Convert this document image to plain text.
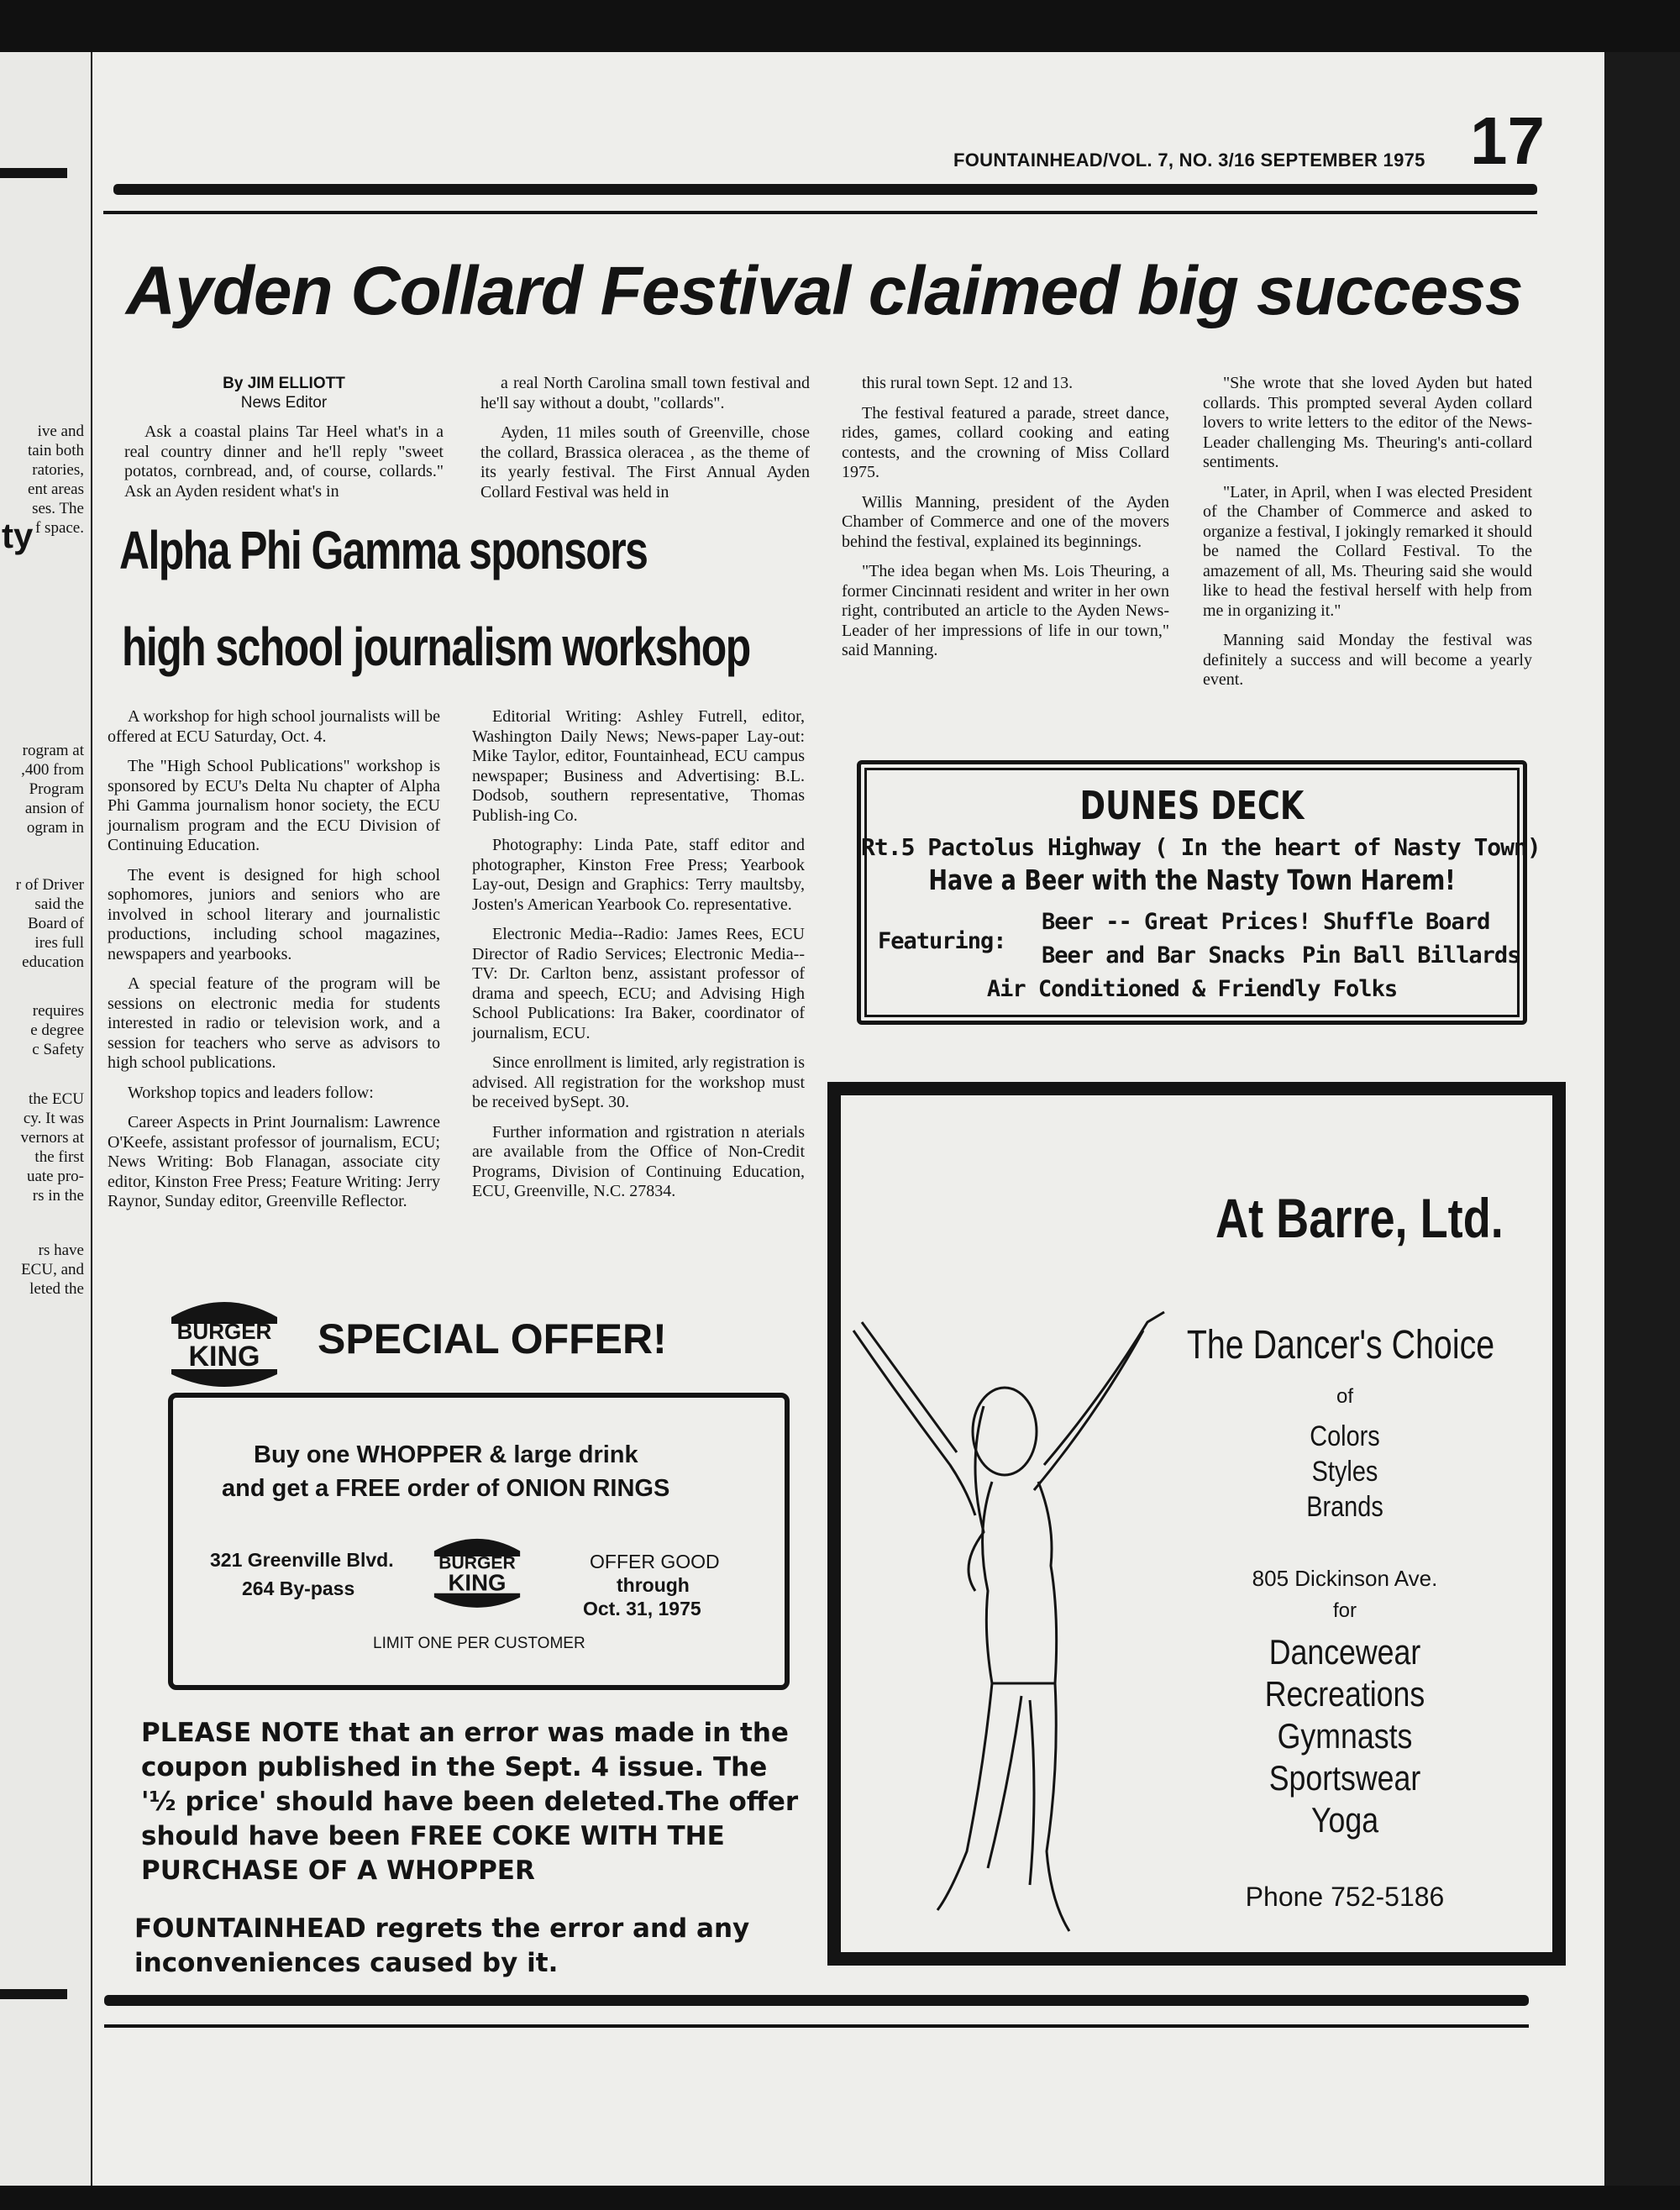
ive and
tain both
ratories,
ent areas
ses. The
f space.
ty
rogram at
,400 from
Program
ansion of
ogram in
r of Driver
said the
Board of
ires full
education
requires
e degree
c Safety
the ECU
cy. It was
vernors at
the first
uate pro-
rs in the
rs have
ECU, and
leted the
FOUNTAINHEAD/VOL. 7, NO. 3/16 SEPTEMBER 1975 17
Ayden Collard Festival claimed big success
By JIM ELLIOTT
News Editor

Ask a coastal plains Tar Heel what's in a real country dinner and he'll reply "sweet potatos, cornbread, and, of course, collards." Ask an Ayden resident what's in

a real North Carolina small town festival and he'll say without a doubt, "collards".

Ayden, 11 miles south of Greenville, chose the collard, Brassica oleracea , as the theme of its yearly festival. The First Annual Ayden Collard Festival was held in

this rural town Sept. 12 and 13.

The festival featured a parade, street dance, rides, games, collard cooking and eating contests, and the crowning of Miss Collard 1975.

Willis Manning, president of the Ayden Chamber of Commerce and one of the movers behind the festival, explained its beginnings.

"The idea began when Ms. Lois Theuring, a former Cincinnati resident and writer in her own right, contributed an article to the Ayden News-Leader of her impressions of life in our town," said Manning.

"She wrote that she loved Ayden but hated collards. This prompted several Ayden collard lovers to write letters to the editor of the News-Leader challenging Ms. Theuring's anti-collard sentiments.

"Later, in April, when I was elected President of the Chamber of Commerce and asked to organize a festival, I jokingly remarked it should be named the Collard Festival. To the amazement of all, Ms. Theuring said she would like to head the festival herself with help from me in organizing it."

Manning said Monday the festival was definitely a success and will become a yearly event.

Alpha Phi Gamma sponsors
high school journalism workshop

A workshop for high school journalists will be offered at ECU Saturday, Oct. 4.

The "High School Publications" workshop is sponsored by ECU's Delta Nu chapter of Alpha Phi Gamma journalism honor society, the ECU journalism program and the ECU Division of Continuing Education.

The event is designed for high school sophomores, juniors and seniors who are involved in school literary and journalistic productions, including school magazines, newspapers and yearbooks.

A special feature of the program will be sessions on electronic media for students interested in radio or television work, and a session for teachers who serve as advisors to high school publications.

Workshop topics and leaders follow:

Career Aspects in Print Journalism: Lawrence O'Keefe, assistant professor of journalism, ECU; News Writing: Bob Flanagan, associate city editor, Kinston Free Press; Feature Writing: Jerry Raynor, Sunday editor, Greenville Reflector.

Editorial Writing: Ashley Futrell, editor, Washington Daily News; News-paper Lay-out: Mike Taylor, editor, Fountainhead, ECU campus newspaper; Business and Advertising: B.L. Dodsob, southern representative, Thomas Publish-ing Co.

Photography: Linda Pate, staff editor and photographer, Kinston Free Press; Yearbook Lay-out, Design and Graphics: Terry maultsby, Josten's American Yearbook Co. representative.

Electronic Media--Radio: James Rees, ECU Director of Radio Services; Electronic Media--TV: Dr. Carlton benz, assistant professor of drama and speech, ECU; and Advising High School Publications: Ira Baker, coordinator of journalism, ECU.

Since enrollment is limited, arly registration is advised. All registration for the workshop must be received bySept. 30.

Further information and rgistration n aterials are available from the Office of Non-Credit Programs, Division of Continuing Education, ECU, Greenville, N.C. 27834.

DUNES DECK
Rt.5 Pactolus Highway ( In the heart of Nasty Town)
Have a Beer with the Nasty Town Harem!
Featuring:
Beer -- Great Prices! Shuffle Board
Beer and Bar Snacks Pin Ball Billards
Air Conditioned & Friendly Folks
BURGER
KING SPECIAL OFFER!
Buy one WHOPPER & large drink
and get a FREE order of ONION RINGS
321 Greenville Blvd.
264 By-pass
BURGER
KING
OFFER GOOD
through
Oct. 31, 1975
LIMIT ONE PER CUSTOMER
PLEASE NOTE that an error was made in the
coupon published in the Sept. 4 issue. The
'½ price' should have been deleted.The offer
should have been FREE COKE WITH THE
PURCHASE OF A WHOPPER
FOUNTAINHEAD regrets the error and any
inconveniences caused by it.
At Barre, Ltd.
The Dancer's Choice
of
Colors
Styles
Brands
805 Dickinson Ave.
for
Dancewear
Recreations
Gymnasts
Sportswear
Yoga
Phone 752-5186
